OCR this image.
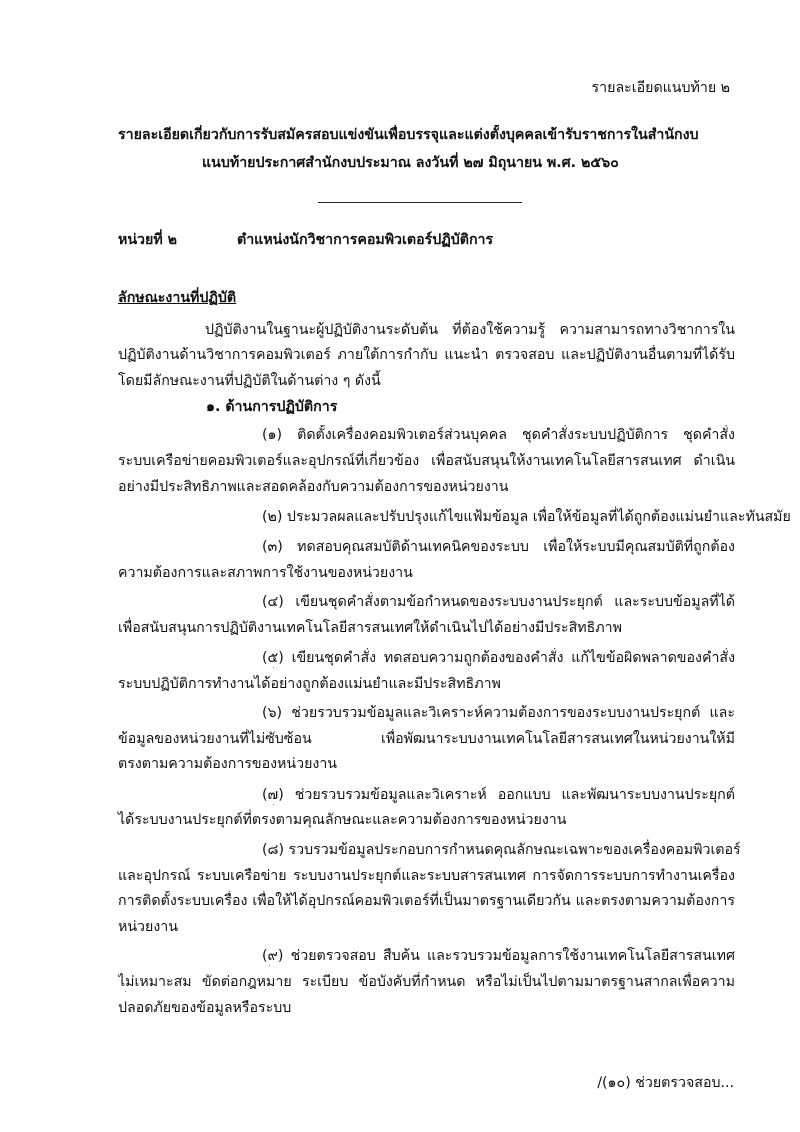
รายละเอียดแนบท้าย ๒
รายละเอียดเกี่ยวกับการรับสมัครสอบแข่งขันเพื่อบรรจุและแต่งตั้งบุคคลเข้ารับราชการในสำนักงบ
แนบท้ายประกาศสำนักงบประมาณ ลงวันที่ ๒๗ มิถุนายน พ.ศ. ๒๕๖๐
หน่วยที่ ๒	ตำแหน่งนักวิชาการคอมพิวเตอร์ปฏิบัติการ
ลักษณะงานที่ปฏิบัติ
ปฏิบัติงานในฐานะผู้ปฏิบัติงานระดับต้น ที่ต้องใช้ความรู้ ความสามารถทางวิชาการใน
ปฏิบัติงานด้านวิชาการคอมพิวเตอร์ ภายใต้การกำกับ แนะนำ ตรวจสอบ และปฏิบัติงานอื่นตามที่ได้รับ
โดยมีลักษณะงานที่ปฏิบัติในด้านต่าง ๆ ดังนี้
๑. ด้านการปฏิบัติการ
(๑) ติดตั้งเครื่องคอมพิวเตอร์ส่วนบุคคล ชุดคำสั่งระบบปฏิบัติการ ชุดคำสั่ง
ระบบเครือข่ายคอมพิวเตอร์และอุปกรณ์ที่เกี่ยวข้อง เพื่อสนับสนุนให้งานเทคโนโลยีสารสนเทศ ดำเนิน
อย่างมีประสิทธิภาพและสอดคล้องกับความต้องการของหน่วยงาน
(๒) ประมวลผลและปรับปรุงแก้ไขแฟ้มข้อมูล เพื่อให้ข้อมูลที่ได้ถูกต้องแม่นยำและทันสมัย
(๓) ทดสอบคุณสมบัติด้านเทคนิคของระบบ เพื่อให้ระบบมีคุณสมบัติที่ถูกต้อง
ความต้องการและสภาพการใช้งานของหน่วยงาน
(๔) เขียนชุดคำสั่งตามข้อกำหนดของระบบงานประยุกต์ และระบบข้อมูลที่ได้
เพื่อสนับสนุนการปฏิบัติงานเทคโนโลยีสารสนเทศให้ดำเนินไปได้อย่างมีประสิทธิภาพ
(๕) เขียนชุดคำสั่ง ทดสอบความถูกต้องของคำสั่ง แก้ไขข้อผิดพลาดของคำสั่ง
ระบบปฏิบัติการทำงานได้อย่างถูกต้องแม่นยำและมีประสิทธิภาพ
(๖) ช่วยรวบรวมข้อมูลและวิเคราะห์ความต้องการของระบบงานประยุกต์ และ
ข้อมูลของหน่วยงานที่ไม่ซับซ้อน เพื่อพัฒนาระบบงานเทคโนโลยีสารสนเทศในหน่วยงานให้มี
ตรงตามความต้องการของหน่วยงาน
(๗) ช่วยรวบรวมข้อมูลและวิเคราะห์ ออกแบบ และพัฒนาระบบงานประยุกต์
ได้ระบบงานประยุกต์ที่ตรงตามคุณลักษณะและความต้องการของหน่วยงาน
(๘) รวบรวมข้อมูลประกอบการกำหนดคุณลักษณะเฉพาะของเครื่องคอมพิวเตอร์
และอุปกรณ์ ระบบเครือข่าย ระบบงานประยุกต์และระบบสารสนเทศ การจัดการระบบการทำงานเครื่อง
การติดตั้งระบบเครื่อง เพื่อให้ได้อุปกรณ์คอมพิวเตอร์ที่เป็นมาตรฐานเดียวกัน และตรงตามความต้องการ
หน่วยงาน
(๙) ช่วยตรวจสอบ สืบค้น และรวบรวมข้อมูลการใช้งานเทคโนโลยีสารสนเทศ
ไม่เหมาะสม ขัดต่อกฎหมาย ระเบียบ ข้อบังคับที่กำหนด หรือไม่เป็นไปตามมาตรฐานสากลเพื่อความ
ปลอดภัยของข้อมูลหรือระบบ
/(๑๐) ช่วยตรวจสอบ...
